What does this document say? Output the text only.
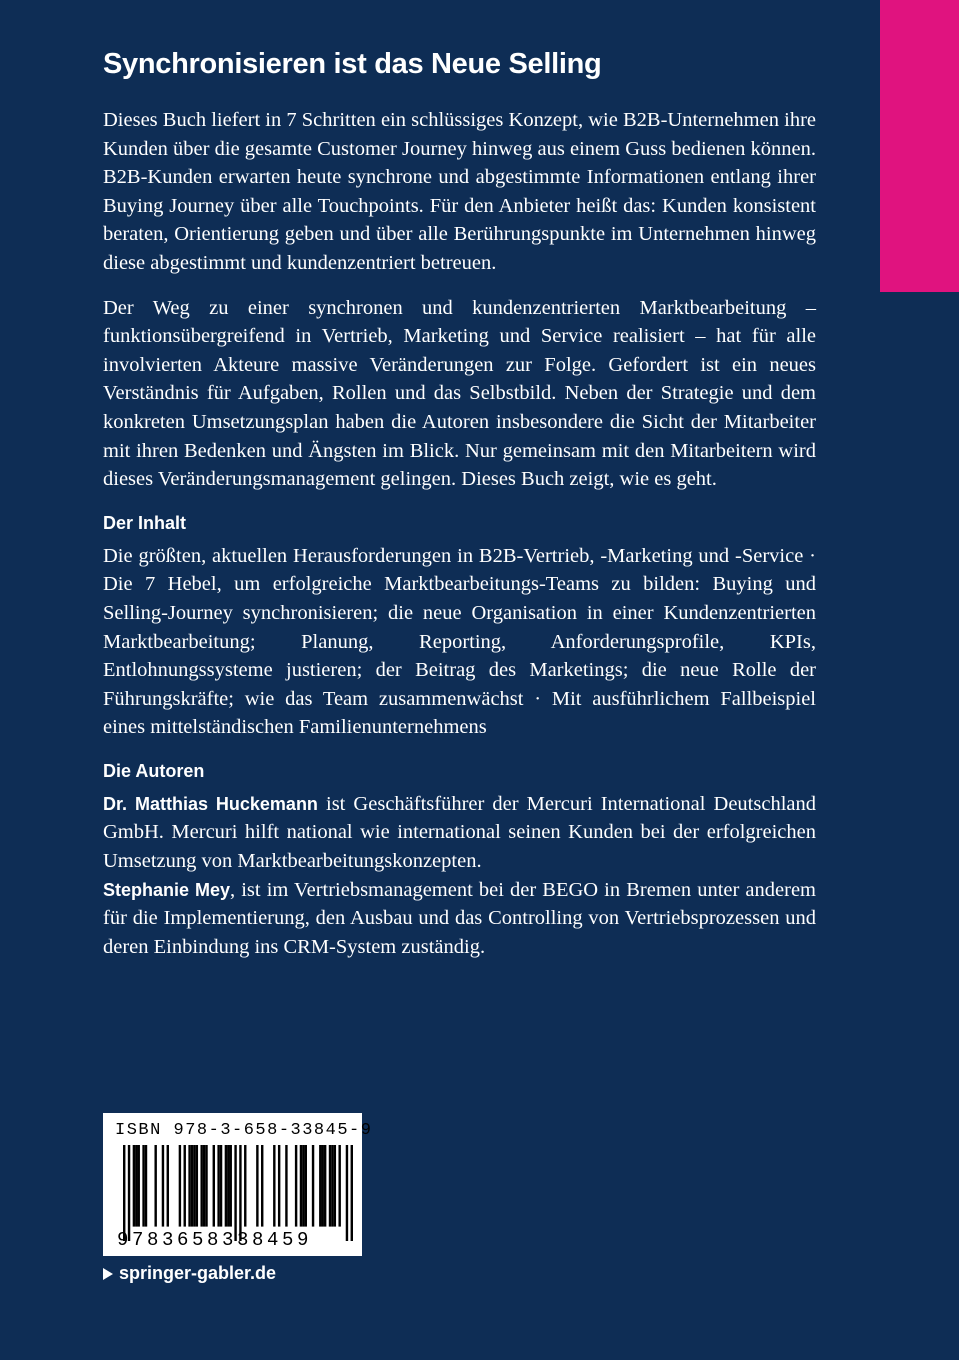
Synchronisieren ist das Neue Selling

Dieses Buch liefert in 7 Schritten ein schlüssiges Konzept, wie B2B-Unternehmen ihre Kunden über die gesamte Customer Journey hinweg aus einem Guss bedienen können. B2B-Kunden erwarten heute synchrone und abgestimmte Informationen entlang ihrer Buying Journey über alle Touchpoints. Für den Anbieter heißt das: Kunden konsistent beraten, Orientierung geben und über alle Berührungspunkte im Unternehmen hinweg diese abgestimmt und kundenzentriert betreuen.

Der Weg zu einer synchronen und kundenzentrierten Marktbearbeitung – funktionsübergreifend in Vertrieb, Marketing und Service realisiert – hat für alle involvierten Akteure massive Veränderungen zur Folge. Gefordert ist ein neues Verständnis für Aufgaben, Rollen und das Selbstbild. Neben der Strategie und dem konkreten Umsetzungsplan haben die Autoren insbesondere die Sicht der Mitarbeiter mit ihren Bedenken und Ängsten im Blick. Nur gemeinsam mit den Mitarbeitern wird dieses Veränderungsmanagement gelingen. Dieses Buch zeigt, wie es geht.

Der Inhalt

Die größten, aktuellen Herausforderungen in B2B-Vertrieb, -Marketing und -Service · Die 7 Hebel, um erfolgreiche Marktbearbeitungs-Teams zu bilden: Buying und Selling-Journey synchronisieren; die neue Organisation in einer Kundenzentrierten Marktbearbeitung; Planung, Reporting, Anforderungsprofile, KPIs, Entlohnungssysteme justieren; der Beitrag des Marketings; die neue Rolle der Führungskräfte; wie das Team zusammenwächst · Mit ausführlichem Fallbeispiel eines mittelständischen Familienunternehmens

Die Autoren

Dr. Matthias Huckemann ist Geschäftsführer der Mercuri International Deutschland GmbH. Mercuri hilft national wie international seinen Kunden bei der erfolgreichen Umsetzung von Marktbearbeitungskonzepten.

Stephanie Mey, ist im Vertriebsmanagement bei der BEGO in Bremen unter anderem für die Implementierung, den Ausbau und das Controlling von Vertriebsprozessen und deren Einbindung ins CRM-System zuständig.

ISBN 978-3-658-33845-9
9783658338459
springer-gabler.de
